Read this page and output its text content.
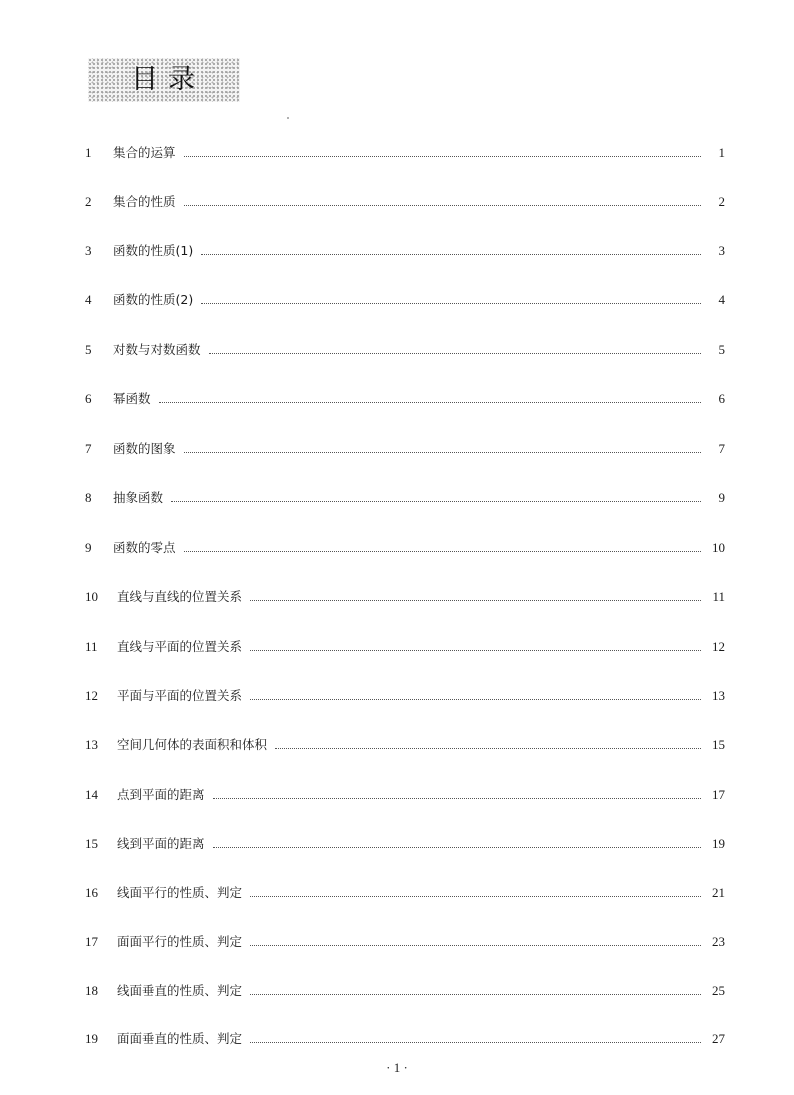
目录
1	集合的运算	1
2	集合的性质	2
3	函数的性质(1)	3
4	函数的性质(2)	4
5	对数与对数函数	5
6	幂函数	6
7	函数的图象	7
8	抽象函数	9
9	函数的零点	10
10	直线与直线的位置关系	11
11	直线与平面的位置关系	12
12	平面与平面的位置关系	13
13	空间几何体的表面积和体积	15
14	点到平面的距离	17
15	线到平面的距离	19
16	线面平行的性质、判定	21
17	面面平行的性质、判定	23
18	线面垂直的性质、判定	25
19	面面垂直的性质、判定	27
· 1 ·
